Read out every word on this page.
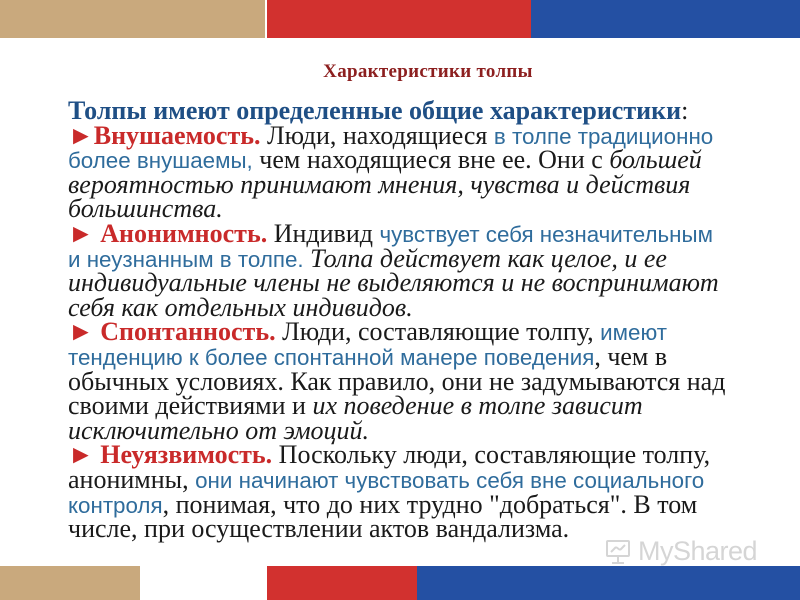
Характеристики толпы
Толпы имеют определенные общие характеристики:
►Внушаемость. Люди, находящиеся в толпе традиционно
более внушаемы, чем находящиеся вне ее. Они с большей
вероятностью принимают мнения, чувства и действия
большинства.
► Анонимность. Индивид чувствует себя незначительным
и неузнанным в толпе. Толпа действует как целое, и ее
индивидуальные члены не выделяются и не воспринимают
себя как отдельных индивидов.
► Спонтанность. Люди, составляющие толпу, имеют
тенденцию к более спонтанной манере поведения, чем в
обычных условиях. Как правило, они не задумываются над
своими действиями и их поведение в толпе зависит
исключительно от эмоций.
► Неуязвимость. Поскольку люди, составляющие толпу,
анонимны, они начинают чувствовать себя вне социального
контроля, понимая, что до них трудно "добраться". В том
числе, при осуществлении актов вандализма.
MyShared
